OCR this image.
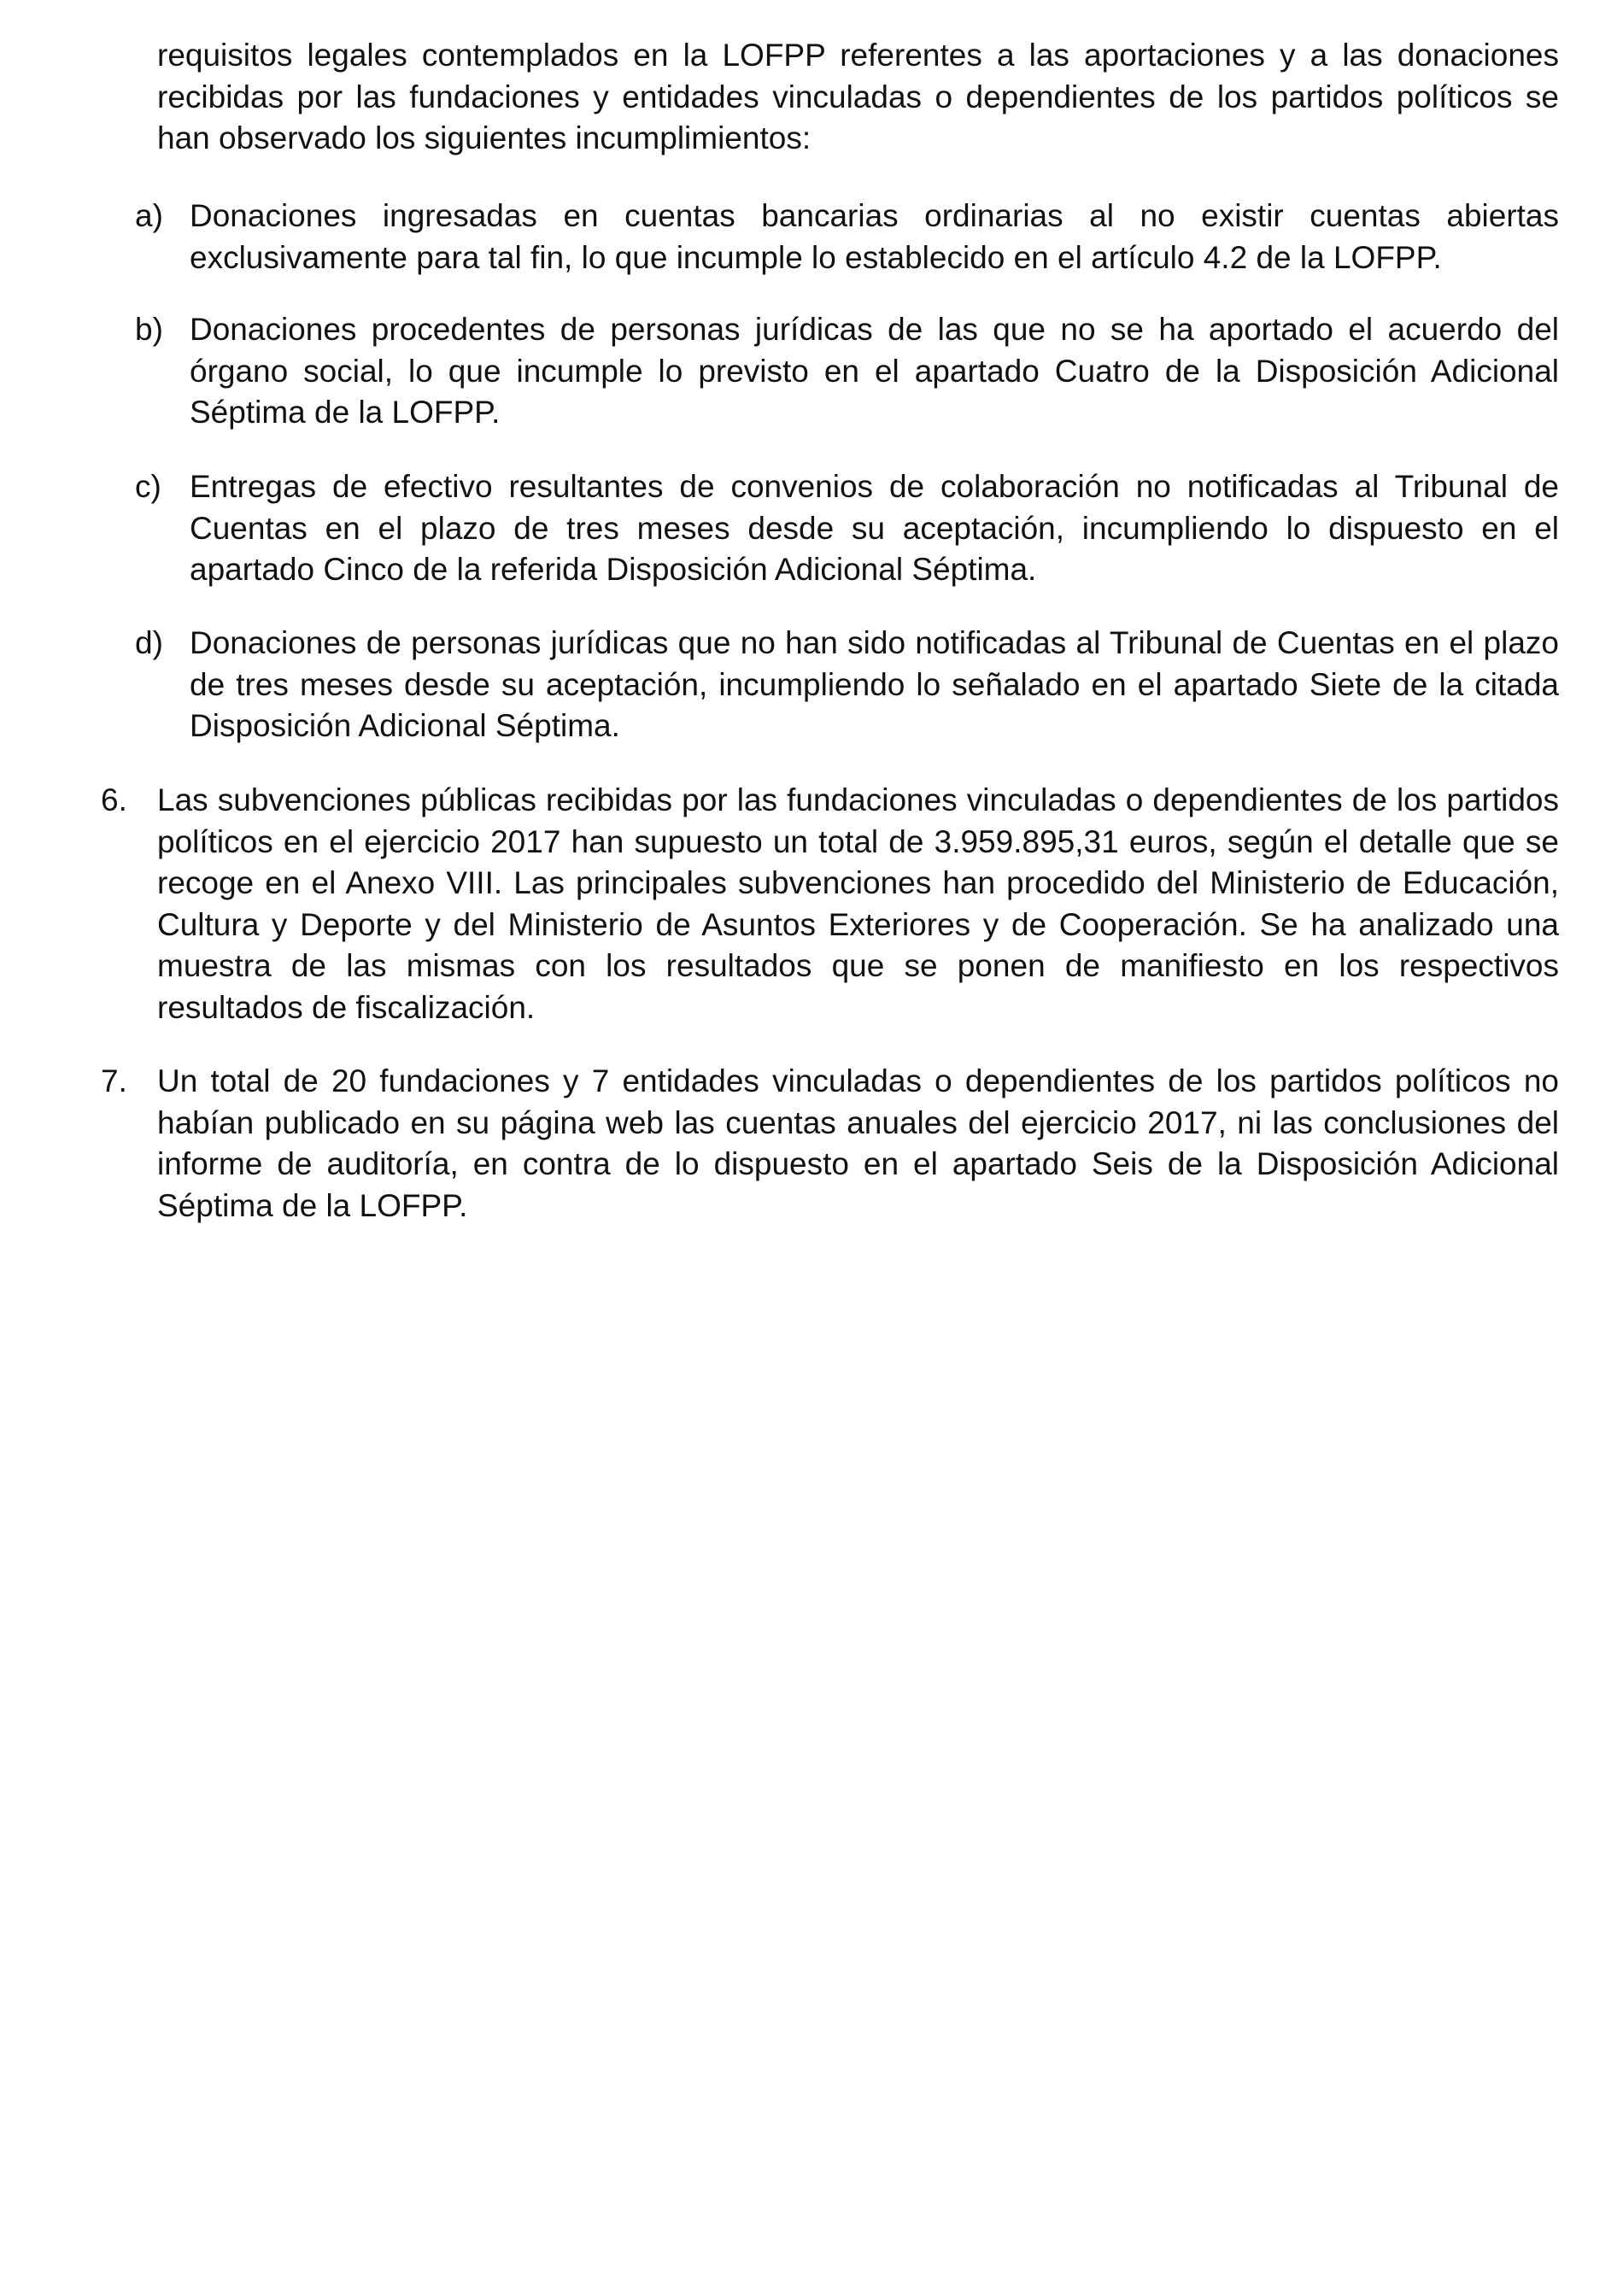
requisitos legales contemplados en la LOFPP referentes a las aportaciones y a las donaciones recibidas por las fundaciones y entidades vinculadas o dependientes de los partidos políticos se han observado los siguientes incumplimientos:

a) Donaciones ingresadas en cuentas bancarias ordinarias al no existir cuentas abiertas exclusivamente para tal fin, lo que incumple lo establecido en el artículo 4.2 de la LOFPP.

b) Donaciones procedentes de personas jurídicas de las que no se ha aportado el acuerdo del órgano social, lo que incumple lo previsto en el apartado Cuatro de la Disposición Adicional Séptima de la LOFPP.

c) Entregas de efectivo resultantes de convenios de colaboración no notificadas al Tribunal de Cuentas en el plazo de tres meses desde su aceptación, incumpliendo lo dispuesto en el apartado Cinco de la referida Disposición Adicional Séptima.

d) Donaciones de personas jurídicas que no han sido notificadas al Tribunal de Cuentas en el plazo de tres meses desde su aceptación, incumpliendo lo señalado en el apartado Siete de la citada Disposición Adicional Séptima.

6. Las subvenciones públicas recibidas por las fundaciones vinculadas o dependientes de los partidos políticos en el ejercicio 2017 han supuesto un total de 3.959.895,31 euros, según el detalle que se recoge en el Anexo VIII. Las principales subvenciones han procedido del Ministerio de Educación, Cultura y Deporte y del Ministerio de Asuntos Exteriores y de Cooperación. Se ha analizado una muestra de las mismas con los resultados que se ponen de manifiesto en los respectivos resultados de fiscalización.

7. Un total de 20 fundaciones y 7 entidades vinculadas o dependientes de los partidos políticos no habían publicado en su página web las cuentas anuales del ejercicio 2017, ni las conclusiones del informe de auditoría, en contra de lo dispuesto en el apartado Seis de la Disposición Adicional Séptima de la LOFPP.
